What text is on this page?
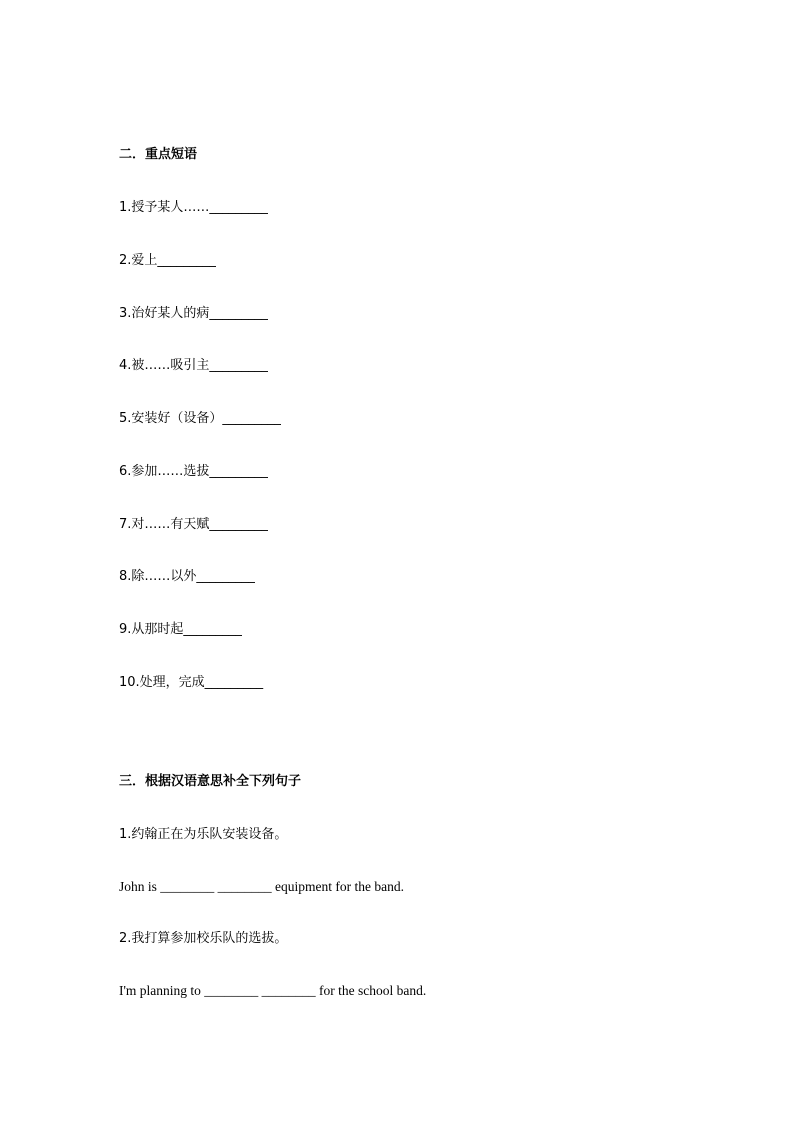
二．重点短语

1.授予某人……_________

2.爱上_________

3.治好某人的病_________

4.被……吸引主_________

5.安装好（设备）_________

6.参加……选拔_________

7.对……有天赋_________

8.除……以外_________

9.从那时起_________

10.处理，完成_________

三．根据汉语意思补全下列句子

1.约翰正在为乐队安装设备。

John is ________ ________ equipment for the band.

2.我打算参加校乐队的选拔。

I'm planning to ________ ________ for the school band.
